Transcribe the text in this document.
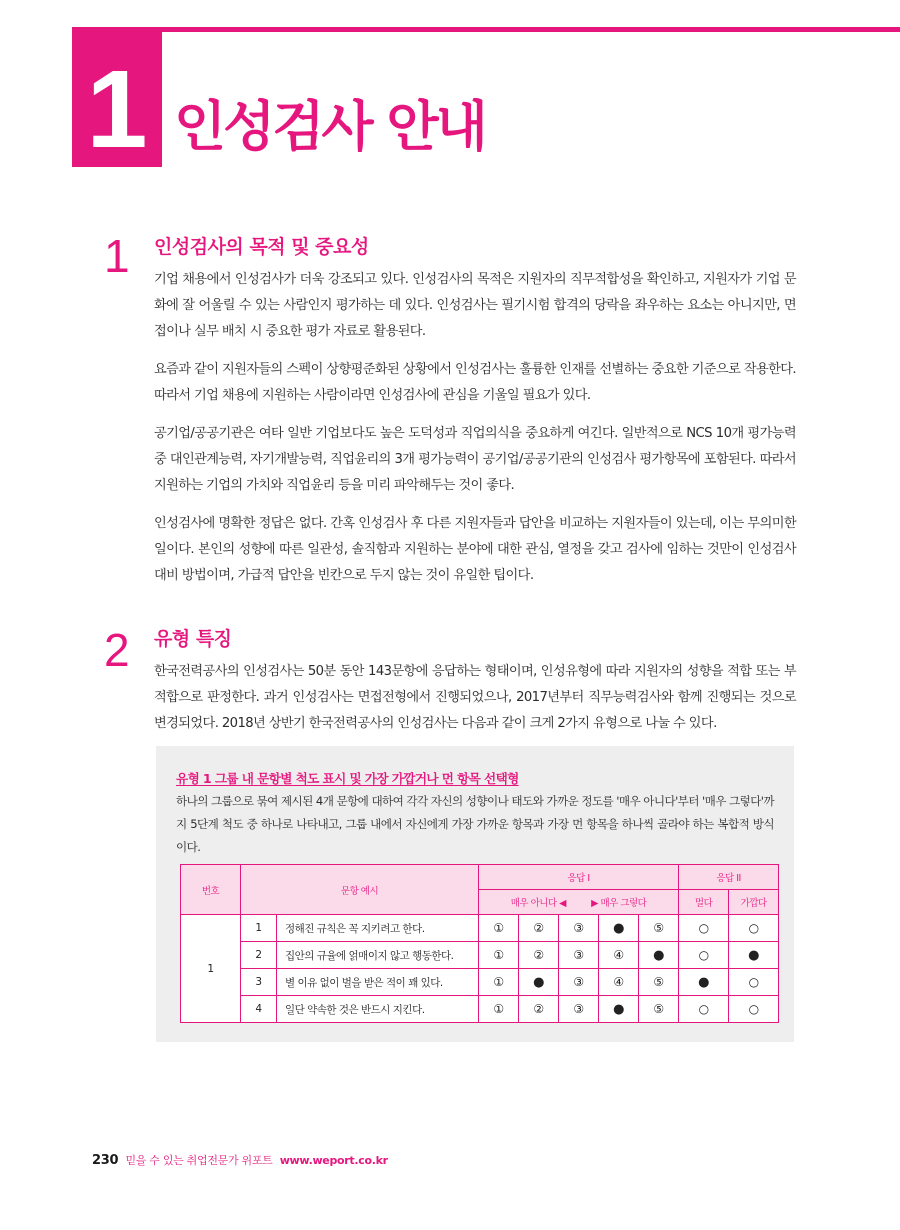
1 인성검사 안내
1 인성검사의 목적 및 중요성

기업 채용에서 인성검사가 더욱 강조되고 있다. 인성검사의 목적은 지원자의 직무적합성을 확인하고, 지원자가 기업 문화에 잘 어울릴 수 있는 사람인지 평가하는 데 있다. 인성검사는 필기시험 합격의 당락을 좌우하는 요소는 아니지만, 면접이나 실무 배치 시 중요한 평가 자료로 활용된다.

요즘과 같이 지원자들의 스펙이 상향평준화된 상황에서 인성검사는 훌륭한 인재를 선별하는 중요한 기준으로 작용한다. 따라서 기업 채용에 지원하는 사람이라면 인성검사에 관심을 기울일 필요가 있다.

공기업/공공기관은 여타 일반 기업보다도 높은 도덕성과 직업의식을 중요하게 여긴다. 일반적으로 NCS 10개 평가능력 중 대인관계능력, 자기개발능력, 직업윤리의 3개 평가능력이 공기업/공공기관의 인성검사 평가항목에 포함된다. 따라서 지원하는 기업의 가치와 직업윤리 등을 미리 파악해두는 것이 좋다.

인성검사에 명확한 정답은 없다. 간혹 인성검사 후 다른 지원자들과 답안을 비교하는 지원자들이 있는데, 이는 무의미한 일이다. 본인의 성향에 따른 일관성, 솔직함과 지원하는 분야에 대한 관심, 열정을 갖고 검사에 임하는 것만이 인성검사 대비 방법이며, 가급적 답안을 빈칸으로 두지 않는 것이 유일한 팁이다.

2 유형 특징

한국전력공사의 인성검사는 50분 동안 143문항에 응답하는 형태이며, 인성유형에 따라 지원자의 성향을 적합 또는 부적합으로 판정한다. 과거 인성검사는 면접전형에서 진행되었으나, 2017년부터 직무능력검사와 함께 진행되는 것으로 변경되었다. 2018년 상반기 한국전력공사의 인성검사는 다음과 같이 크게 2가지 유형으로 나눌 수 있다.

유형 1 그룹 내 문항별 척도 표시 및 가장 가깝거나 먼 항목 선택형
하나의 그룹으로 묶여 제시된 4개 문항에 대하여 각각 자신의 성향이나 태도와 가까운 정도를 '매우 아니다'부터 '매우 그렇다'까지 5단계 척도 중 하나로 나타내고, 그룹 내에서 자신에게 가장 가까운 항목과 가장 먼 항목을 하나씩 골라야 하는 복합적 방식이다.
번호	문항 예시		응답 I					응답 II	
			매우 아니다 ◀          ▶ 매우 그렇다					멀다	가깝다
1	1	정해진 규칙은 꼭 지키려고 한다.	①	②	③	●	⑤	○	○
	2	집안의 규율에 얽매이지 않고 행동한다.	①	②	③	④	●	○	●
	3	별 이유 없이 벌을 받은 적이 꽤 있다.	①	●	③	④	⑤	●	○
	4	일단 약속한 것은 반드시 지킨다.	①	②	③	●	⑤	○	○
230 믿을 수 있는 취업전문가 위포트 www.weport.co.kr
